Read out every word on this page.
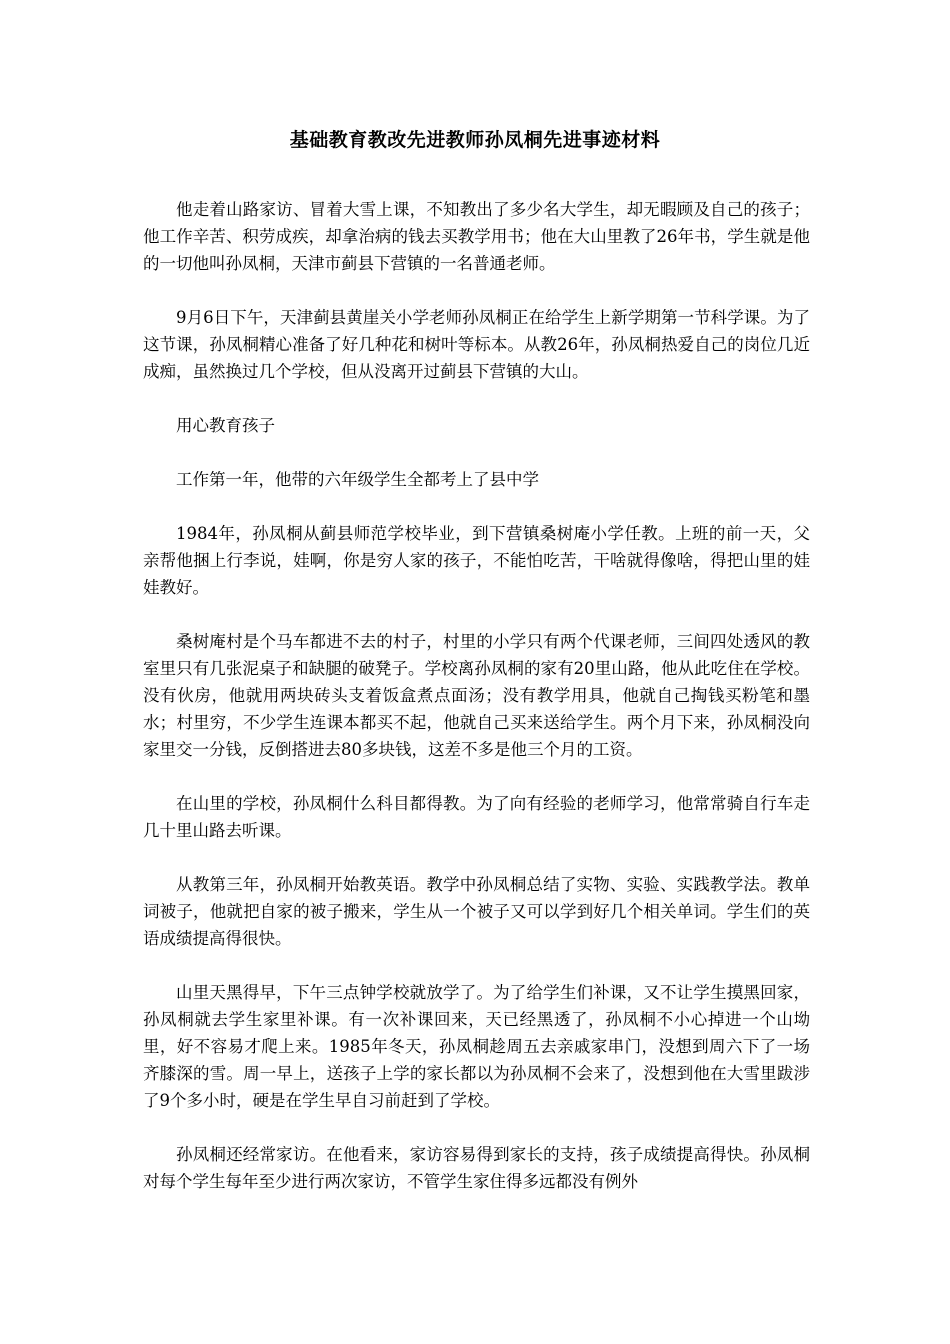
基础教育教改先进教师孙凤桐先进事迹材料

他走着山路家访、冒着大雪上课，不知教出了多少名大学生，却无暇顾及自己的孩子；他工作辛苦、积劳成疾，却拿治病的钱去买教学用书；他在大山里教了26年书，学生就是他的一切他叫孙凤桐，天津市蓟县下营镇的一名普通老师。

9月6日下午，天津蓟县黄崖关小学老师孙凤桐正在给学生上新学期第一节科学课。为了这节课，孙凤桐精心准备了好几种花和树叶等标本。从教26年，孙凤桐热爱自己的岗位几近成痴，虽然换过几个学校，但从没离开过蓟县下营镇的大山。

用心教育孩子

工作第一年，他带的六年级学生全都考上了县中学

1984年，孙凤桐从蓟县师范学校毕业，到下营镇桑树庵小学任教。上班的前一天，父亲帮他捆上行李说，娃啊，你是穷人家的孩子，不能怕吃苦，干啥就得像啥，得把山里的娃娃教好。

桑树庵村是个马车都进不去的村子，村里的小学只有两个代课老师，三间四处透风的教室里只有几张泥桌子和缺腿的破凳子。学校离孙凤桐的家有20里山路，他从此吃住在学校。没有伙房，他就用两块砖头支着饭盒煮点面汤；没有教学用具，他就自己掏钱买粉笔和墨水；村里穷，不少学生连课本都买不起，他就自己买来送给学生。两个月下来，孙凤桐没向家里交一分钱，反倒搭进去80多块钱，这差不多是他三个月的工资。

在山里的学校，孙凤桐什么科目都得教。为了向有经验的老师学习，他常常骑自行车走几十里山路去听课。

从教第三年，孙凤桐开始教英语。教学中孙凤桐总结了实物、实验、实践教学法。教单词被子，他就把自家的被子搬来，学生从一个被子又可以学到好几个相关单词。学生们的英语成绩提高得很快。

山里天黑得早，下午三点钟学校就放学了。为了给学生们补课，又不让学生摸黑回家，孙凤桐就去学生家里补课。有一次补课回来，天已经黑透了，孙凤桐不小心掉进一个山坳里，好不容易才爬上来。1985年冬天，孙凤桐趁周五去亲戚家串门，没想到周六下了一场齐膝深的雪。周一早上，送孩子上学的家长都以为孙凤桐不会来了，没想到他在大雪里跋涉了9个多小时，硬是在学生早自习前赶到了学校。

孙凤桐还经常家访。在他看来，家访容易得到家长的支持，孩子成绩提高得快。孙凤桐对每个学生每年至少进行两次家访，不管学生家住得多远都没有例外
